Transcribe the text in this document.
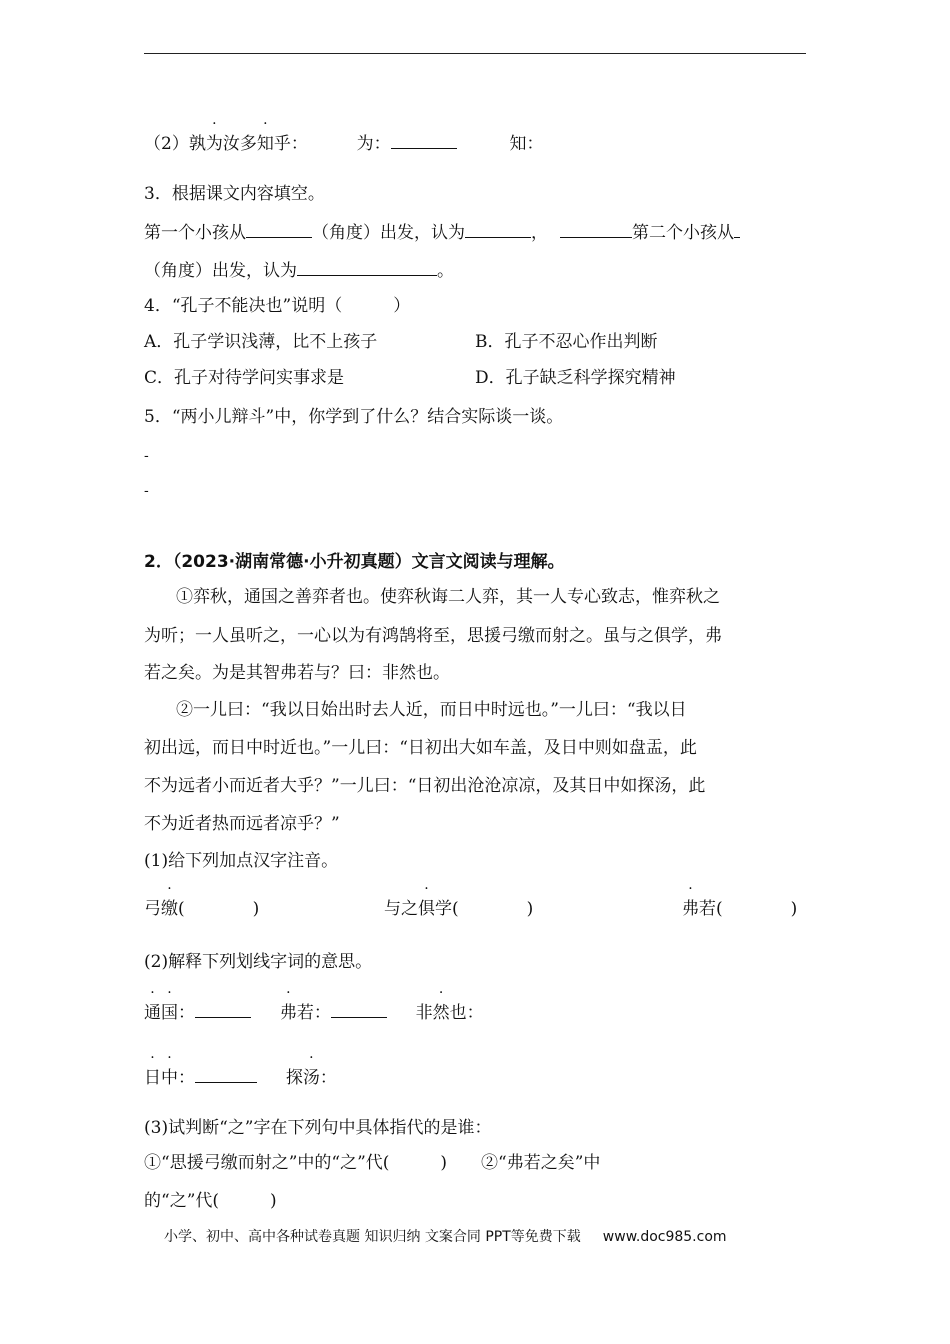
（2）孰为汝多知乎：	为：	知：
3．根据课文内容填空。
第一个小孩从	（角度）出发，认为	，	第二个小孩从
（角度）出发，认为	。
4．“孔子不能决也”说明（　　　）
A．孔子学识浅薄，比不上孩子	B．孔子不忍心作出判断
C．孔子对待学问实事求是	D．孔子缺乏科学探究精神
5．“两小儿辩斗”中，你学到了什么？结合实际谈一谈。
-
-
2．（2023·湖南常德·小升初真题）文言文阅读与理解。
①弈秋，通国之善弈者也。使弈秋诲二人弈，其一人专心致志，惟弈秋之
为听；一人虽听之，一心以为有鸿鹄将至，思援弓缴而射之。虽与之俱学，弗
若之矣。为是其智弗若与？曰：非然也。
②一儿曰：“我以日始出时去人近，而日中时远也。”一儿曰：“我以日
初出远，而日中时近也。”一儿曰：“日初出大如车盖，及日中则如盘盂，此
不为远者小而近者大乎？”一儿曰：“日初出沧沧凉凉，及其日中如探汤，此
不为近者热而远者凉乎？”
(1)给下列加点汉字注音。
弓缴(　　　　)	与之俱学(　　　　)	弗若(　　　　)
(2)解释下列划线字词的意思。
通国：	弗若：	非然也：
日中：	探汤：
(3)试判断“之”字在下列句中具体指代的是谁：
①“思援弓缴而射之”中的“之”代(　　　)　　②“弗若之矣”中
的“之”代(　　　)
小学、初中、高中各种试卷真题 知识归纳 文案合同 PPT等免费下载 www.doc985.com
